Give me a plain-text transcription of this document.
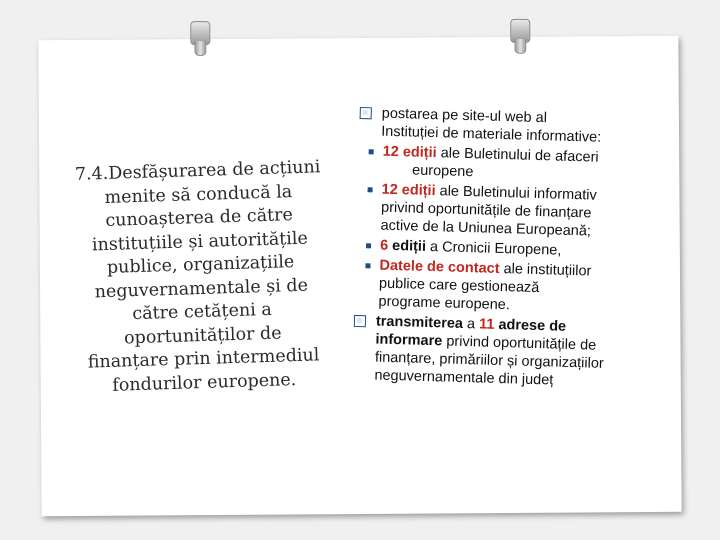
7.4.Desfășurarea de acțiuni
menite să conducă la
cunoașterea de către
instituțiile și autoritățile
publice, organizațiile
neguvernamentale și de
către cetățeni a
oportunităților de
finanțare prin intermediul
fondurilor europene.
postarea pe site-ul web al
Instituției de materiale informative:
12 ediții ale Buletinului de afaceri
europene
12 ediții ale Buletinului informativ
privind oportunitățile de finanțare
active de la Uniunea Europeană;
6 ediții a Cronicii Europene,
Datele de contact ale instituțiilor
publice care gestionează
programe europene.
transmiterea a 11 adrese de
informare privind oportunitățile de
finanțare, primăriilor și organizațiilor
neguvernamentale din județ
